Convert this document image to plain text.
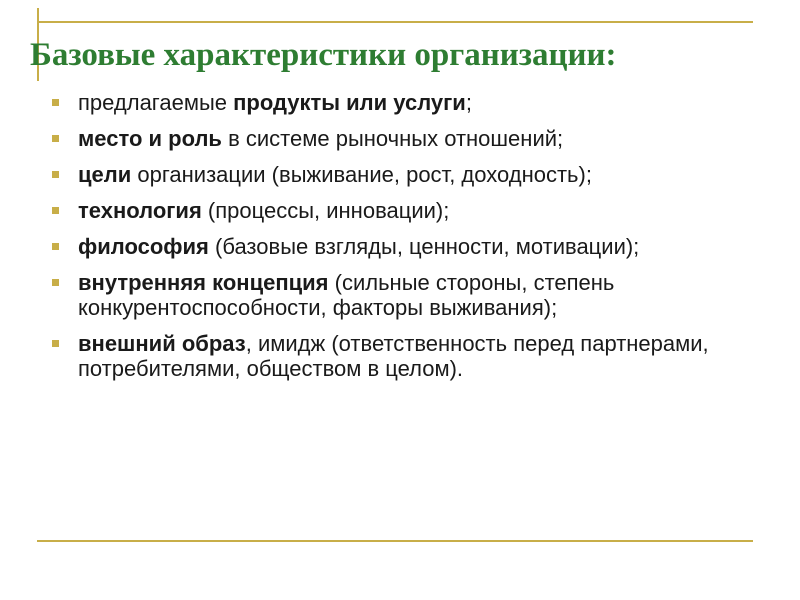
Базовые характеристики организации:
предлагаемые продукты или услуги;
место и роль в системе рыночных отношений;
цели организации (выживание, рост, доходность);
технология (процессы, инновации);
философия (базовые взгляды, ценности, мотивации);
внутренняя концепция (сильные стороны, степень конкурентоспособности, факторы выживания);
внешний образ, имидж (ответственность перед партнерами, потребителями, обществом в целом).
